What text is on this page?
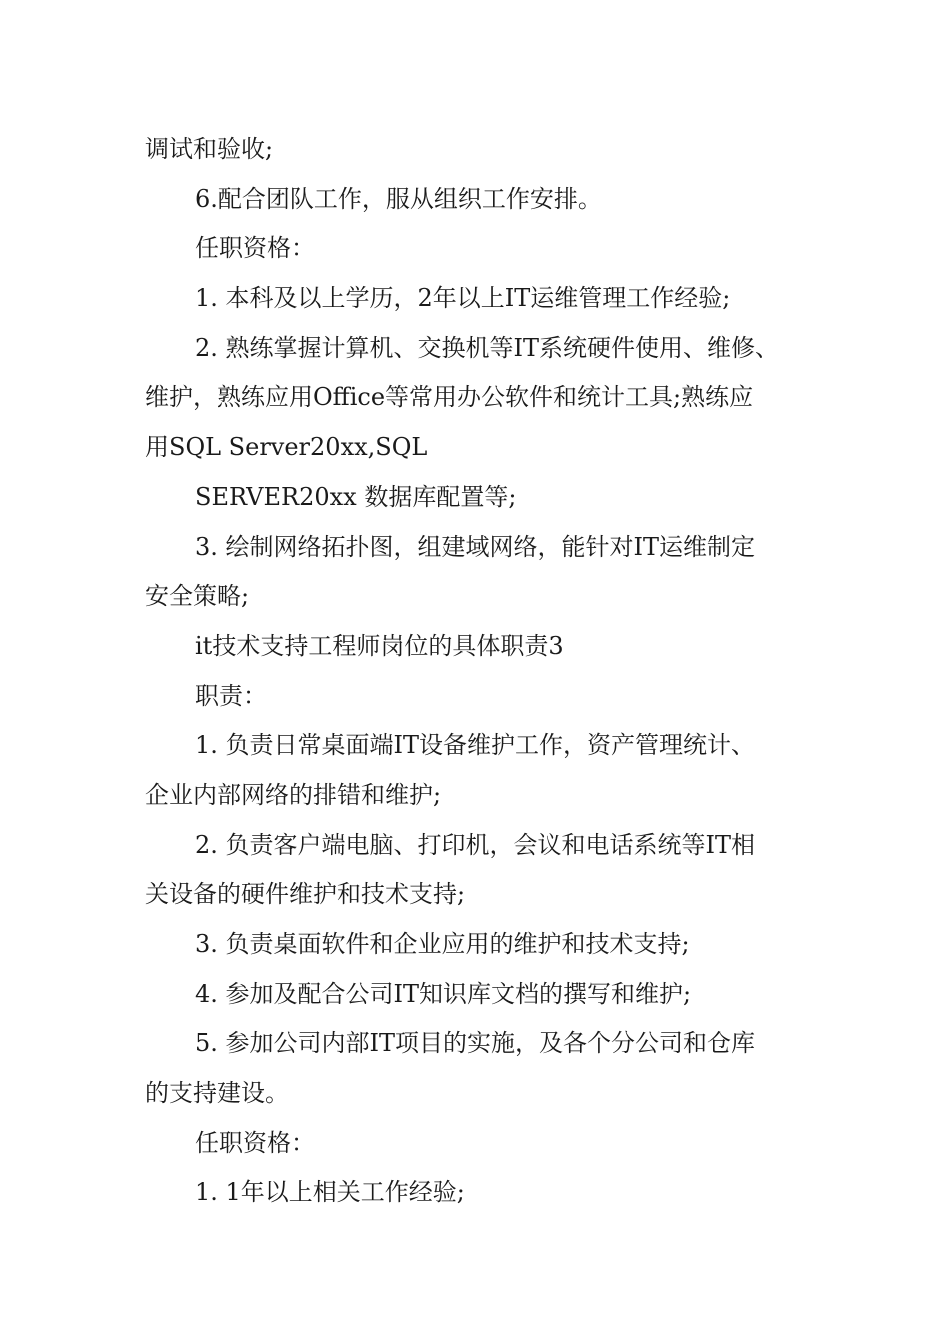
调试和验收;
6.配合团队工作，服从组织工作安排。
任职资格：
1. 本科及以上学历，2年以上IT运维管理工作经验;
2. 熟练掌握计算机、交换机等IT系统硬件使用、维修、
维护，熟练应用Office等常用办公软件和统计工具;熟练应
用SQL Server20xx,SQL
SERVER20xx 数据库配置等;
3. 绘制网络拓扑图，组建域网络，能针对IT运维制定
安全策略;
it技术支持工程师岗位的具体职责3
职责：
1. 负责日常桌面端IT设备维护工作，资产管理统计、
企业内部网络的排错和维护;
2. 负责客户端电脑、打印机，会议和电话系统等IT相
关设备的硬件维护和技术支持;
3. 负责桌面软件和企业应用的维护和技术支持;
4. 参加及配合公司IT知识库文档的撰写和维护;
5. 参加公司内部IT项目的实施，及各个分公司和仓库
的支持建设。
任职资格：
1. 1年以上相关工作经验;
